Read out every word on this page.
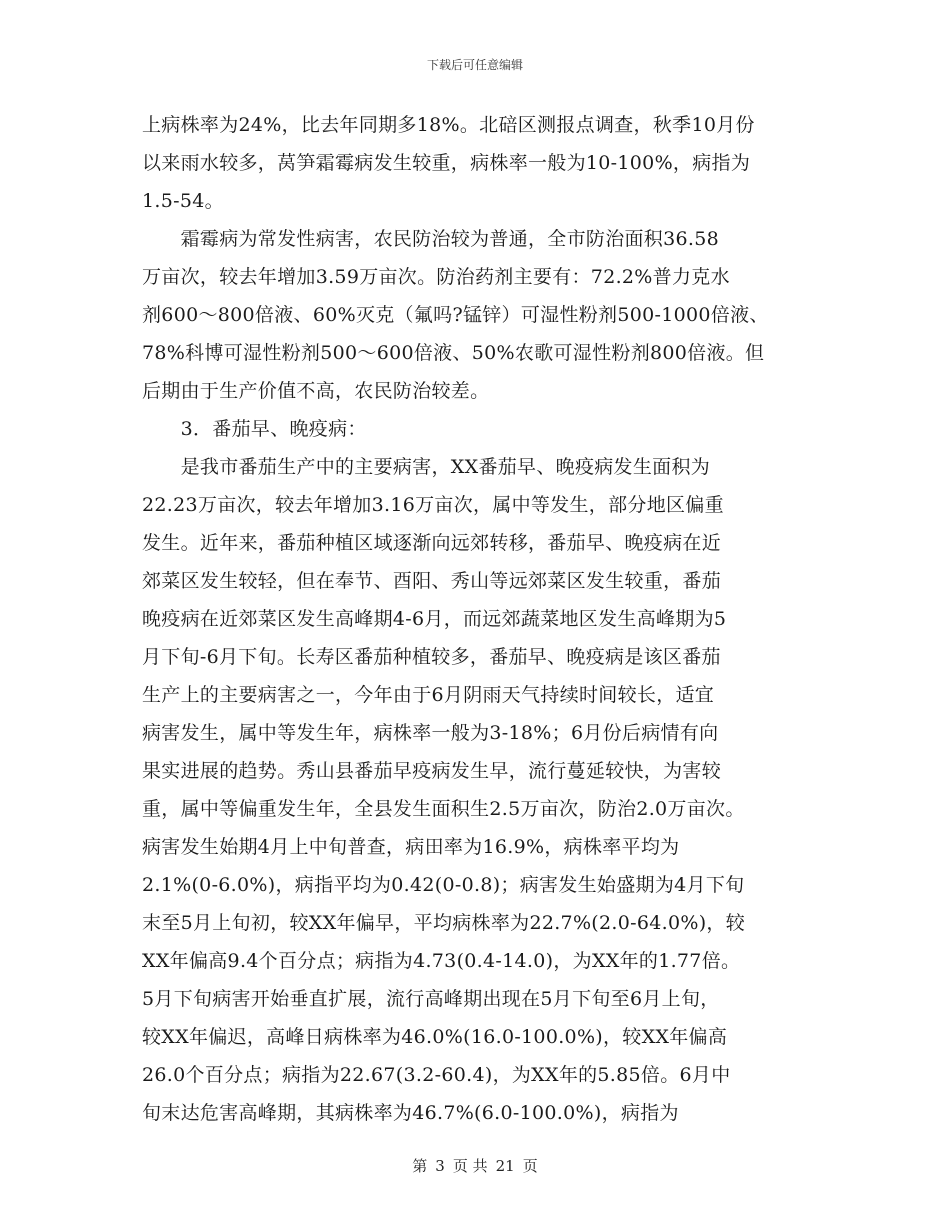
下载后可任意编辑
上病株率为24%，比去年同期多18%。北碚区测报点调查，秋季10月份
以来雨水较多，莴笋霜霉病发生较重，病株率一般为10-100%，病指为
1.5-54。
　　霜霉病为常发性病害，农民防治较为普通，全市防治面积36.58
万亩次，较去年增加3.59万亩次。防治药剂主要有：72.2%普力克水
剂600～800倍液、60%灭克（氟吗?锰锌）可湿性粉剂500-1000倍液、
78%科博可湿性粉剂500～600倍液、50%农歌可湿性粉剂800倍液。但
后期由于生产价值不高，农民防治较差。
　　3．番茄早、晚疫病：
　　是我市番茄生产中的主要病害，XX番茄早、晚疫病发生面积为
22.23万亩次，较去年增加3.16万亩次，属中等发生，部分地区偏重
发生。近年来，番茄种植区域逐渐向远郊转移，番茄早、晚疫病在近
郊菜区发生较轻，但在奉节、酉阳、秀山等远郊菜区发生较重，番茄
晚疫病在近郊菜区发生高峰期4-6月，而远郊蔬菜地区发生高峰期为5
月下旬-6月下旬。长寿区番茄种植较多，番茄早、晚疫病是该区番茄
生产上的主要病害之一，今年由于6月阴雨天气持续时间较长，适宜
病害发生，属中等发生年，病株率一般为3-18%；6月份后病情有向
果实进展的趋势。秀山县番茄早疫病发生早，流行蔓延较快，为害较
重，属中等偏重发生年，全县发生面积生2.5万亩次，防治2.0万亩次。
病害发生始期4月上中旬普查，病田率为16.9%，病株率平均为
2.1%(0-6.0%)，病指平均为0.42(0-0.8)；病害发生始盛期为4月下旬
末至5月上旬初，较XX年偏早，平均病株率为22.7%(2.0-64.0%)，较
XX年偏高9.4个百分点；病指为4.73(0.4-14.0)，为XX年的1.77倍。
5月下旬病害开始垂直扩展，流行高峰期出现在5月下旬至6月上旬，
较XX年偏迟，高峰日病株率为46.0%(16.0-100.0%)，较XX年偏高
26.0个百分点；病指为22.67(3.2-60.4)，为XX年的5.85倍。6月中
旬末达危害高峰期，其病株率为46.7%(6.0-100.0%)，病指为
第 3 页 共 21 页
